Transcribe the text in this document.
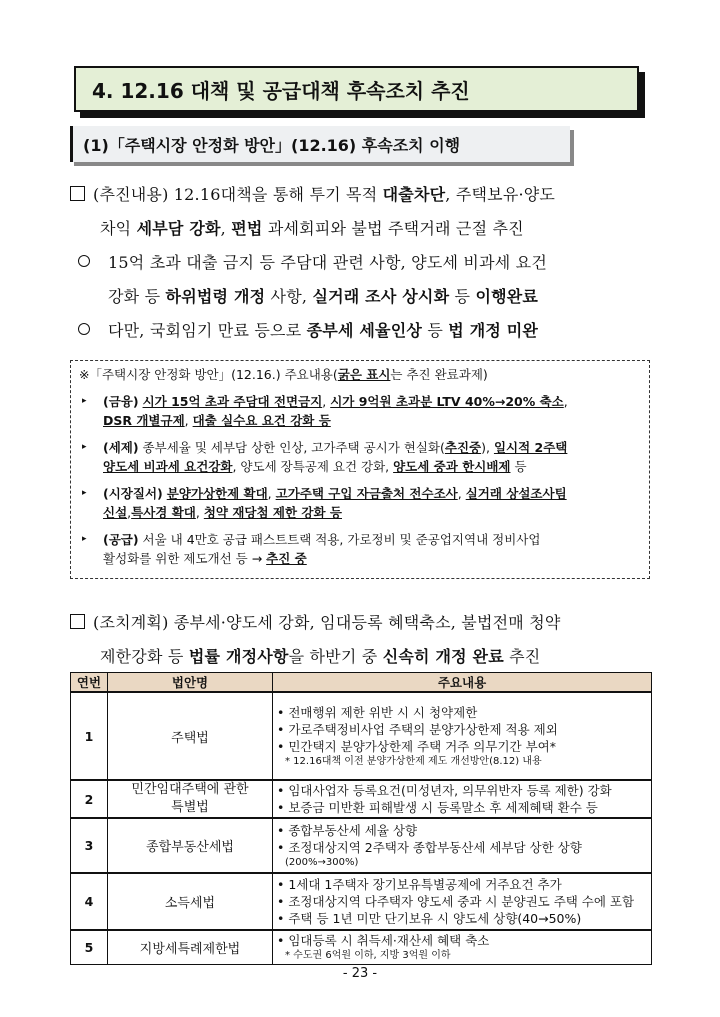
4. 12.16 대책 및 공급대책 후속조치 추진
(1)「주택시장 안정화 방안」(12.16) 후속조치 이행
(추진내용) 12.16대책을 통해 투기 목적 대출차단, 주택보유·양도
차익 세부담 강화, 편법 과세회피와 불법 주택거래 근절 추진
15억 초과 대출 금지 등 주담대 관련 사항, 양도세 비과세 요건
강화 등 하위법령 개정 사항, 실거래 조사 상시화 등 이행완료
다만, 국회임기 만료 등으로 종부세 세율인상 등 법 개정 미완
※「주택시장 안정화 방안」(12.16.) 주요내용(굵은 표시는 추진 완료과제)
▸ (금융) 시가 15억 초과 주담대 전면금지, 시가 9억원 초과분 LTV 40%→20% 축소,
DSR 개별규제, 대출 실수요 요건 강화 등
▸ (세제) 종부세율 및 세부담 상한 인상, 고가주택 공시가 현실화(추진중), 일시적 2주택
양도세 비과세 요건강화, 양도세 장특공제 요건 강화, 양도세 중과 한시배제 등
▸ (시장질서) 분양가상한제 확대, 고가주택 구입 자금출처 전수조사, 실거래 상설조사팀
신설,특사경 확대, 청약 재당첨 제한 강화 등
▸ (공급) 서울 내 4만호 공급 패스트트랙 적용, 가로정비 및 준공업지역내 정비사업
활성화를 위한 제도개선 등 → 추진 중
(조치계획) 종부세·양도세 강화, 임대등록 혜택축소, 불법전매 청약
제한강화 등 법률 개정사항을 하반기 중 신속히 개정 완료 추진
연번	법안명	주요내용
1	주택법	• 전매행위 제한 위반 시 시 청약제한
• 가로주택정비사업 주택의 분양가상한제 적용 제외
• 민간택지 분양가상한제 주택 거주 의무기간 부여*
* 12.16대책 이전 분양가상한제 제도 개선방안(8.12) 내용

2	민간임대주택에 관한 특별법	• 임대사업자 등록요건(미성년자, 의무위반자 등록 제한) 강화
• 보증금 미반환 피해발생 시 등록말소 후 세제혜택 환수 등

3	종합부동산세법	• 종합부동산세 세율 상향
• 조정대상지역 2주택자 종합부동산세 세부담 상한 상향
(200%→300%)

4	소득세법	• 1세대 1주택자 장기보유특별공제에 거주요건 추가
• 조정대상지역 다주택자 양도세 중과 시 분양권도 주택 수에 포함
• 주택 등 1년 미만 단기보유 시 양도세 상향(40→50%)

5	지방세특례제한법	• 임대등록 시 취득세·재산세 혜택 축소
* 수도권 6억원 이하, 지방 3억원 이하
- 23 -
